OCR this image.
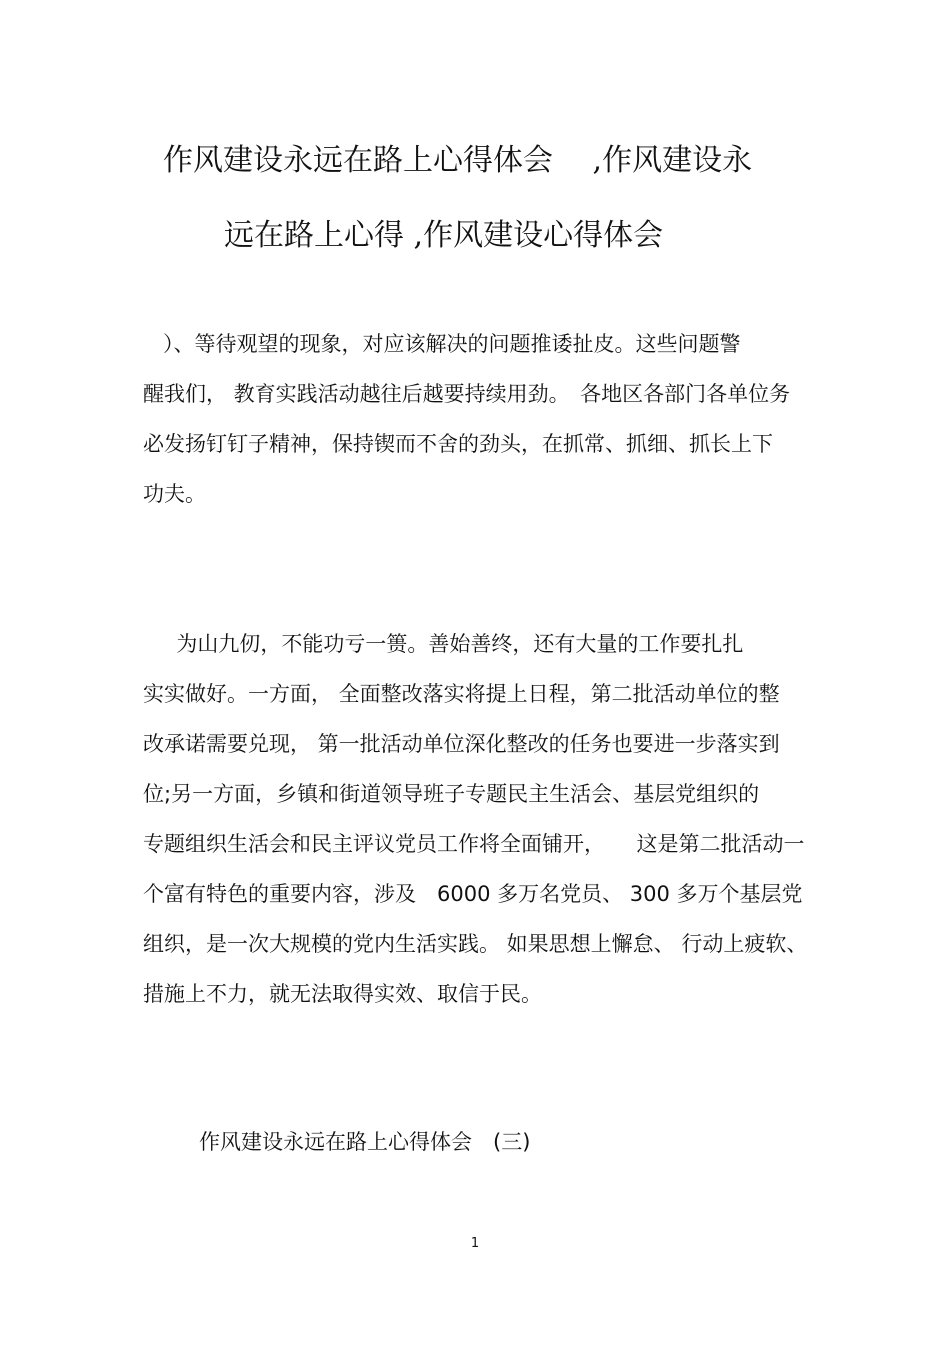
作风建设永远在路上心得体会　 ,作风建设永
远在路上心得 ,作风建设心得体会
）、等待观望的现象，对应该解决的问题推诿扯皮。这些问题警
醒我们， 教育实践活动越往后越要持续用劲。　各地区各部门各单位务
必发扬钉钉子精神，保持锲而不舍的劲头，在抓常、抓细、抓长上下
功夫。
为山九仞，不能功亏一篑。善始善终，还有大量的工作要扎扎
实实做好。一方面， 全面整改落实将提上日程，第二批活动单位的整
改承诺需要兑现， 第一批活动单位深化整改的任务也要进一步落实到
位;另一方面，乡镇和街道领导班子专题民主生活会、基层党组织的
专题组织生活会和民主评议党员工作将全面铺开，　　这是第二批活动一
个富有特色的重要内容，涉及　6000 多万名党员、 300 多万个基层党
组织，是一次大规模的党内生活实践。 如果思想上懈怠、 行动上疲软、
措施上不力，就无法取得实效、取信于民。
作风建设永远在路上心得体会　(三)
1
